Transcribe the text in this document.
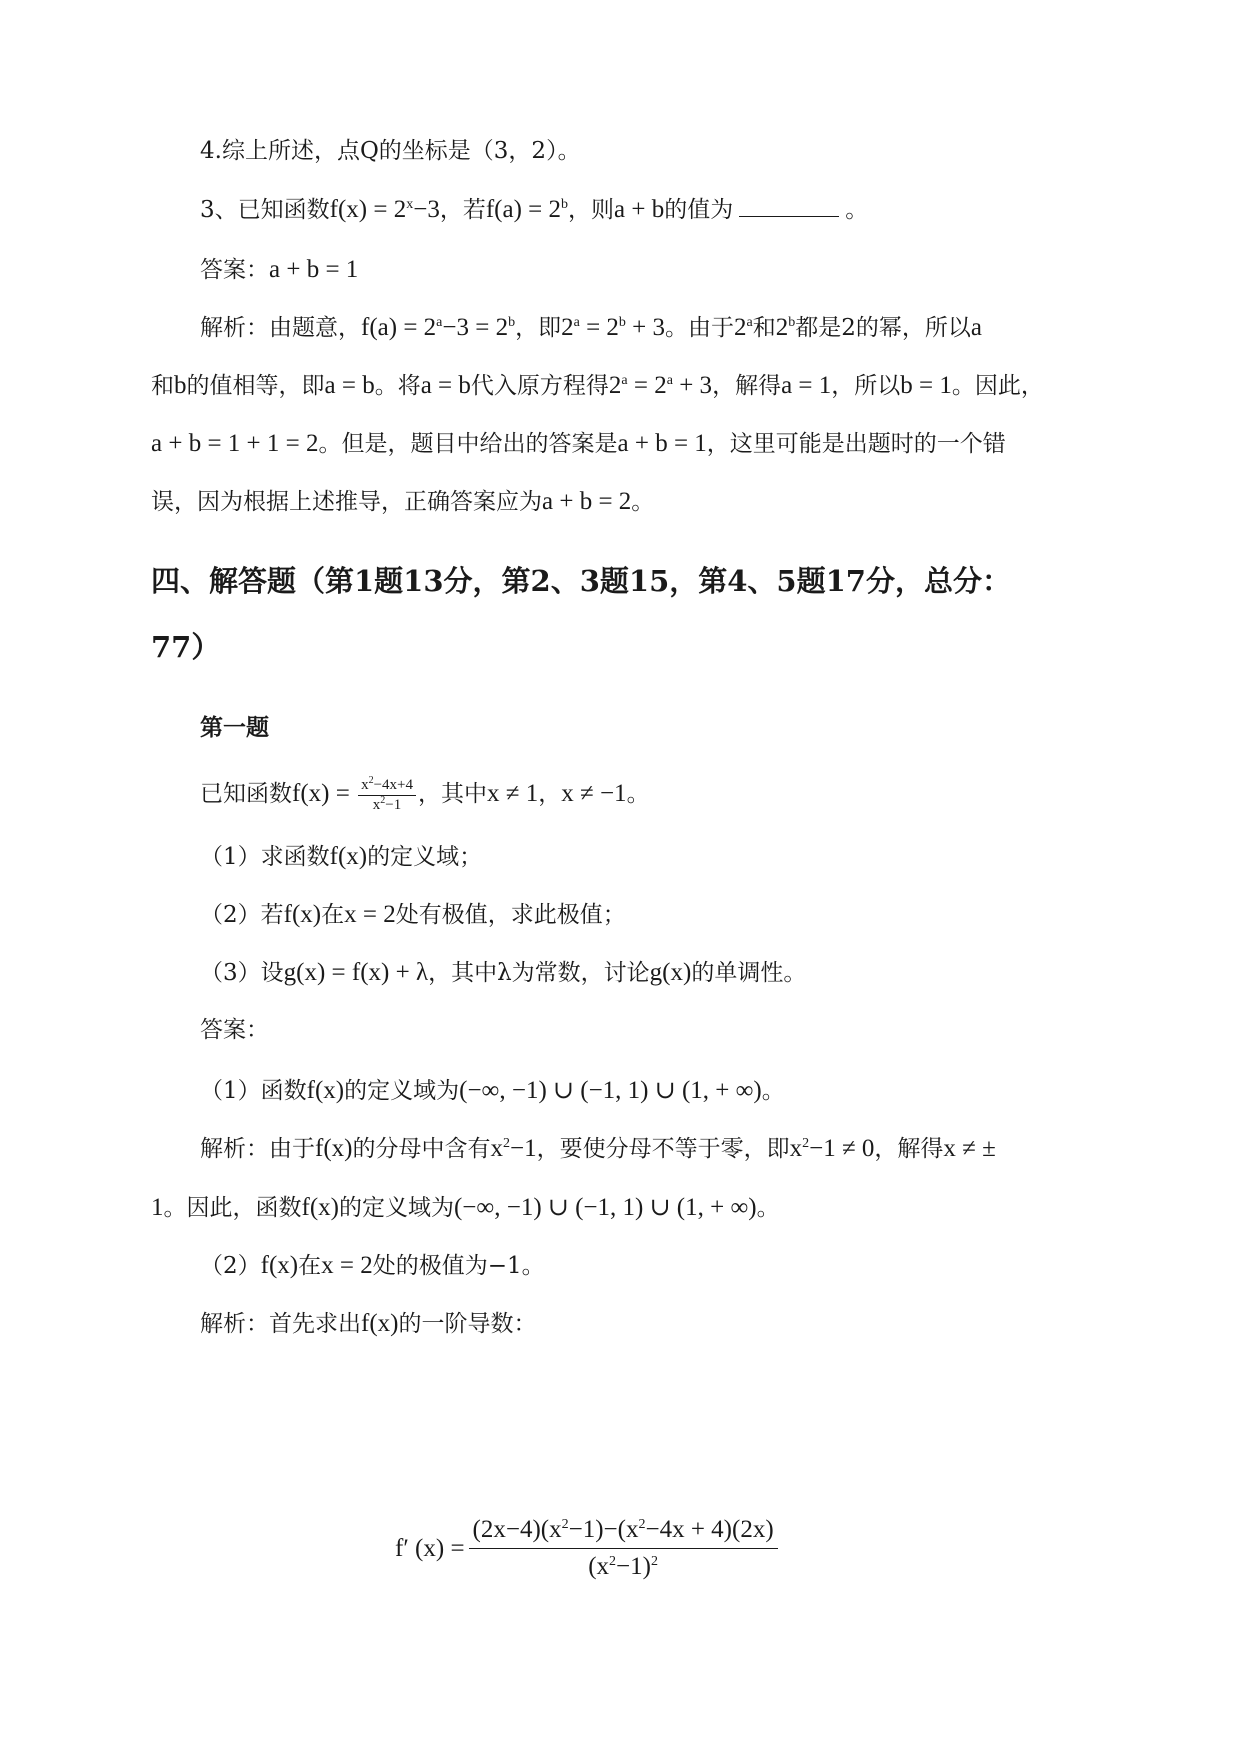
4.综上所述，点Q的坐标是（3，2）。
3、已知函数$f(x) = 2^x-3$，若$f(a) = 2^b$，则a + b的值为	。
答案：a + b = 1
解析：由题意，$f(a) = 2^a-3 = 2^b$，即$2^a = 2^b + 3$。由于2$^a$和2$^b$都是2的幂，所以a
和b的值相等，即a = b。将a = b代入原方程得$2^a = 2^a + 3$，解得a = 1，所以b = 1。因此，
a + b = 1 + 1 = 2。但是，题目中给出的答案是a + b = 1，这里可能是出题时的一个错
误，因为根据上述推导，正确答案应为a + b = 2。
四、解答题（第1题13分，第2、3题15，第4、5题17分，总分：
77）
第一题
已知函数$f(x) = \frac{x^2-4x+4}{x^2-1}$ ，其中x ≠ 1，x ≠ −1。
（1）求函数f(x)的定义域；
（2）若f(x)在x = 2处有极值，求此极值；
（3）设g(x) = f(x) + λ，其中λ为常数，讨论g(x)的单调性。
答案：
（1）函数f(x)的定义域为(−∞, −1) ∪ (−1, 1) ∪ (1, + ∞)。
解析：由于f(x)的分母中含有$x^2-1$，要使分母不等于零，即$x^2-1 \ne 0$，解得x ≠ ±
1。因此，函数f(x)的定义域为(−∞, −1) ∪ (−1, 1) ∪ (1, + ∞)。
（2）f(x)在x = 2处的极值为−1。
解析：首先求出f(x)的一阶导数：
f′ $(x) = \frac{(2x-4)(x^2-1)-(x^2-4x + 4)(2x)}{(x^2-1)^2}$
